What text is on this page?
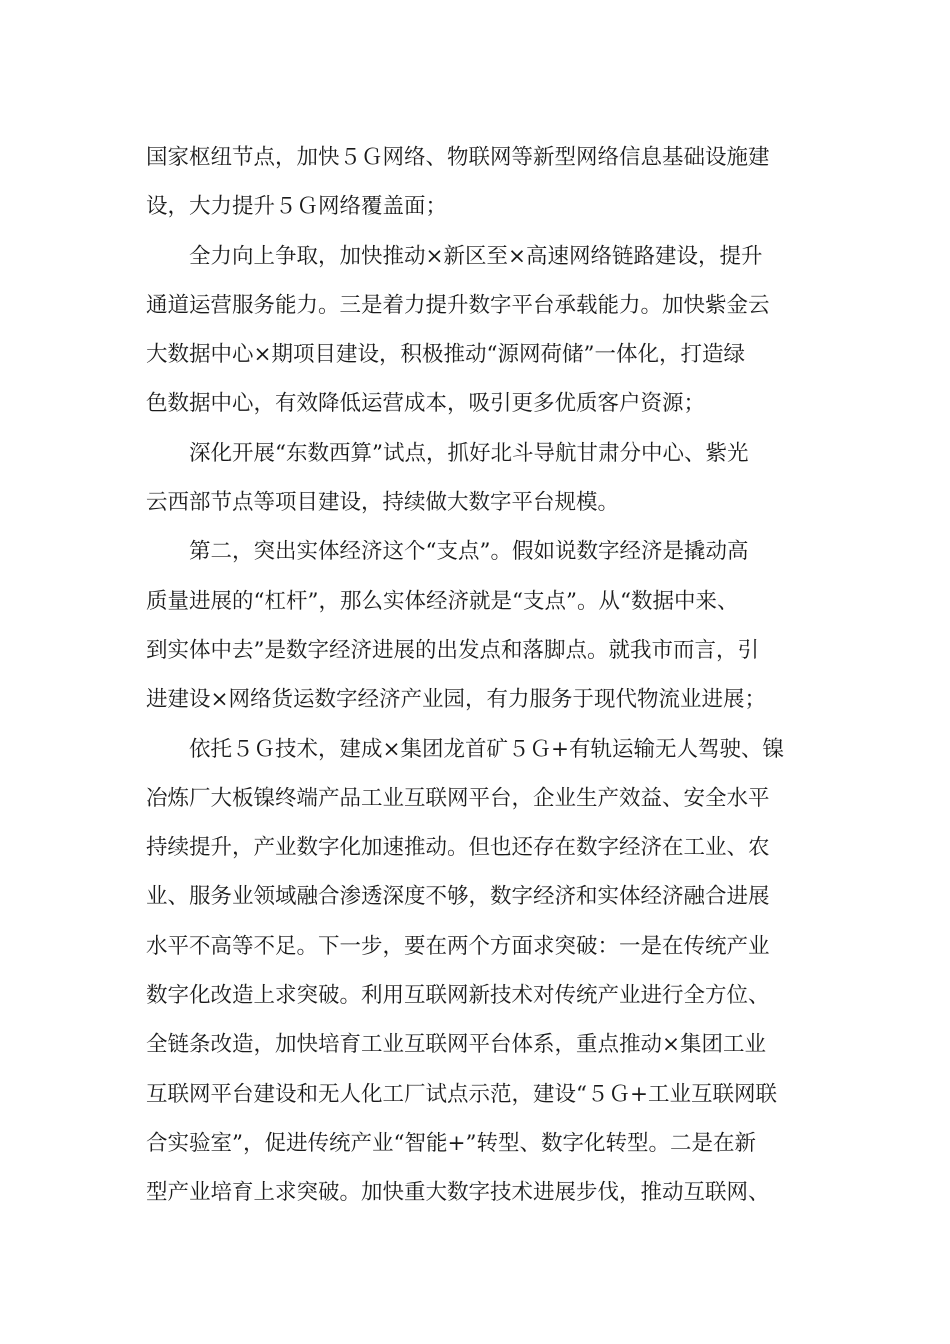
国家枢纽节点，加快５Ｇ网络、物联网等新型网络信息基础设施建
设，大力提升５Ｇ网络覆盖面；
全力向上争取，加快推动×新区至×高速网络链路建设，提升
通道运营服务能力。三是着力提升数字平台承载能力。加快紫金云
大数据中心×期项目建设，积极推动“源网荷储”一体化，打造绿
色数据中心，有效降低运营成本，吸引更多优质客户资源；
深化开展“东数西算”试点，抓好北斗导航甘肃分中心、紫光
云西部节点等项目建设，持续做大数字平台规模。
第二，突出实体经济这个“支点”。假如说数字经济是撬动高
质量进展的“杠杆”，那么实体经济就是“支点”。从“数据中来、
到实体中去”是数字经济进展的出发点和落脚点。就我市而言，引
进建设×网络货运数字经济产业园，有力服务于现代物流业进展；
依托５Ｇ技术，建成×集团龙首矿５Ｇ+有轨运输无人驾驶、镍
冶炼厂大板镍终端产品工业互联网平台，企业生产效益、安全水平
持续提升，产业数字化加速推动。但也还存在数字经济在工业、农
业、服务业领域融合渗透深度不够，数字经济和实体经济融合进展
水平不高等不足。下一步，要在两个方面求突破：一是在传统产业
数字化改造上求突破。利用互联网新技术对传统产业进行全方位、
全链条改造，加快培育工业互联网平台体系，重点推动×集团工业
互联网平台建设和无人化工厂试点示范，建设“５Ｇ+工业互联网联
合实验室”，促进传统产业“智能+”转型、数字化转型。二是在新
型产业培育上求突破。加快重大数字技术进展步伐，推动互联网、
